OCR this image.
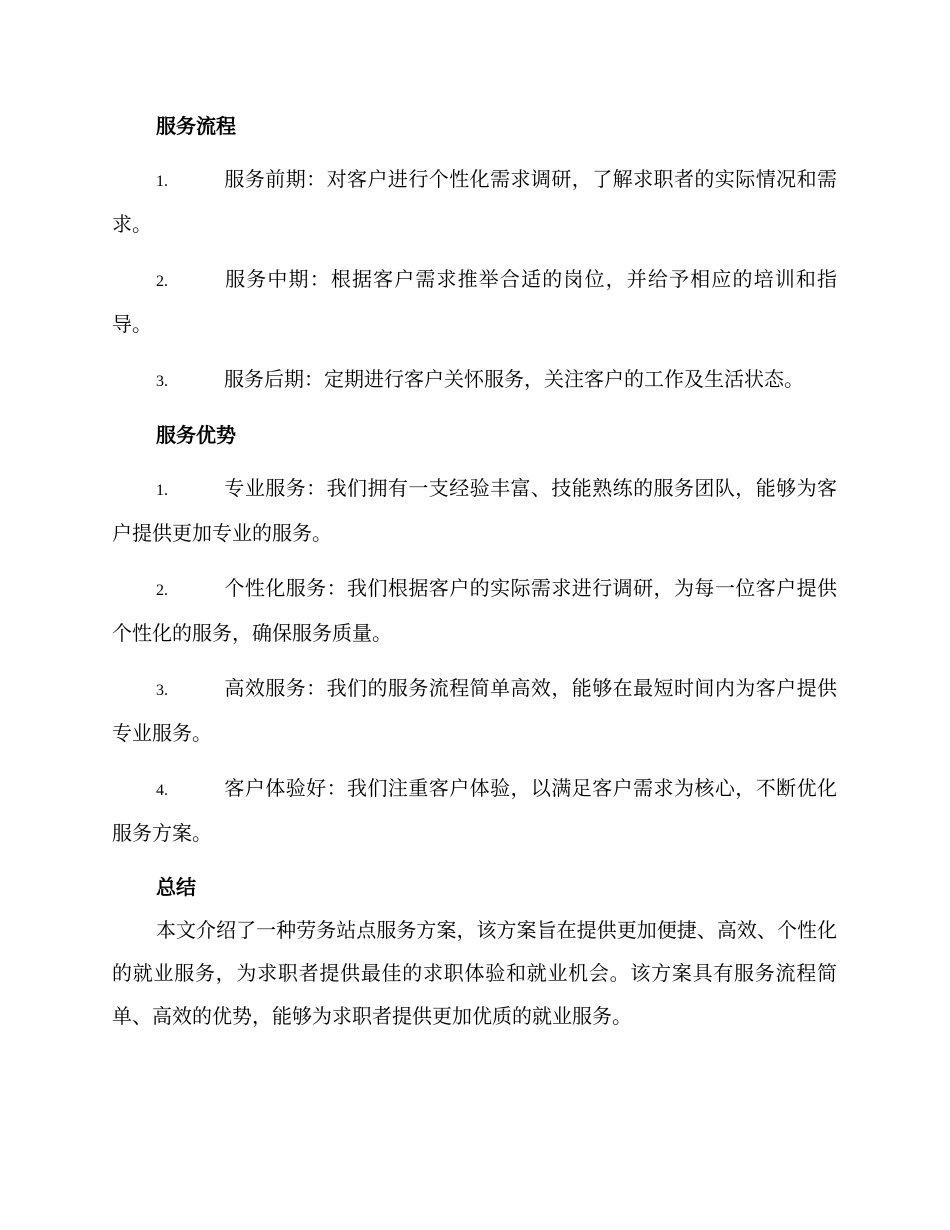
服务流程
1.	服务前期：对客户进行个性化需求调研，了解求职者的实际情况和需求。
2.	服务中期：根据客户需求推举合适的岗位，并给予相应的培训和指导。
3.	服务后期：定期进行客户关怀服务，关注客户的工作及生活状态。
服务优势
1.	专业服务：我们拥有一支经验丰富、技能熟练的服务团队，能够为客户提供更加专业的服务。
2.	个性化服务：我们根据客户的实际需求进行调研，为每一位客户提供个性化的服务，确保服务质量。
3.	高效服务：我们的服务流程简单高效，能够在最短时间内为客户提供专业服务。
4.	客户体验好：我们注重客户体验，以满足客户需求为核心，不断优化服务方案。
总结
本文介绍了一种劳务站点服务方案，该方案旨在提供更加便捷、高效、个性化的就业服务，为求职者提供最佳的求职体验和就业机会。该方案具有服务流程简单、高效的优势，能够为求职者提供更加优质的就业服务。
